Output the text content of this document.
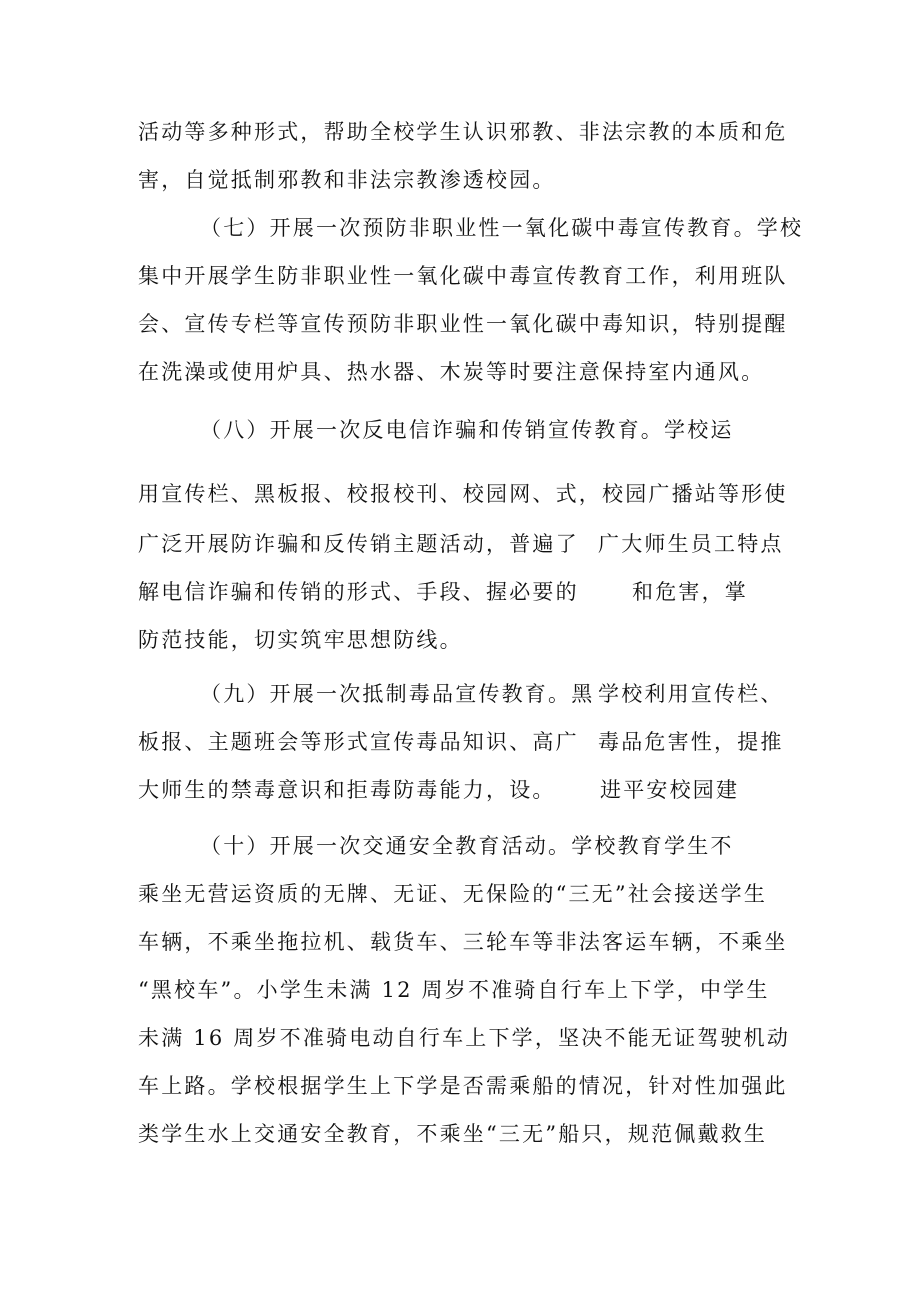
活动等多种形式，帮助全校学生认识邪教、非法宗教的本质和危
害，自觉抵制邪教和非法宗教渗透校园。
（七）开展一次预防非职业性一氧化碳中毒宣传教育。学校
集中开展学生防非职业性一氧化碳中毒宣传教育工作，利用班队
会、宣传专栏等宣传预防非职业性一氧化碳中毒知识，特别提醒
在洗澡或使用炉具、热水器、木炭等时要注意保持室内通风。
（八）开展一次反电信诈骗和传销宣传教育。学校运
用宣传栏、黑板报、校报校刊、校园网、式，校园广播站等形使
广泛开展防诈骗和反传销主题活动，普遍了 广大师生员工特点
解电信诈骗和传销的形式、手段、握必要的	和危害，掌
防范技能，切实筑牢思想防线。
（九）开展一次抵制毒品宣传教育。黑 学校利用宣传栏、
板报、主题班会等形式宣传毒品知识、高广 毒品危害性，提推
大师生的禁毒意识和拒毒防毒能力，设。 进平安校园建
（十）开展一次交通安全教育活动。学校教育学生不
乘坐无营运资质的无牌、无证、无保险的“三无”社会接送学生
车辆，不乘坐拖拉机、载货车、三轮车等非法客运车辆，不乘坐
“黑校车”。小学生未满 12 周岁不准骑自行车上下学，中学生
未满 16 周岁不准骑电动自行车上下学，坚决不能无证驾驶机动
车上路。学校根据学生上下学是否需乘船的情况，针对性加强此
类学生水上交通安全教育，不乘坐“三无”船只，规范佩戴救生
